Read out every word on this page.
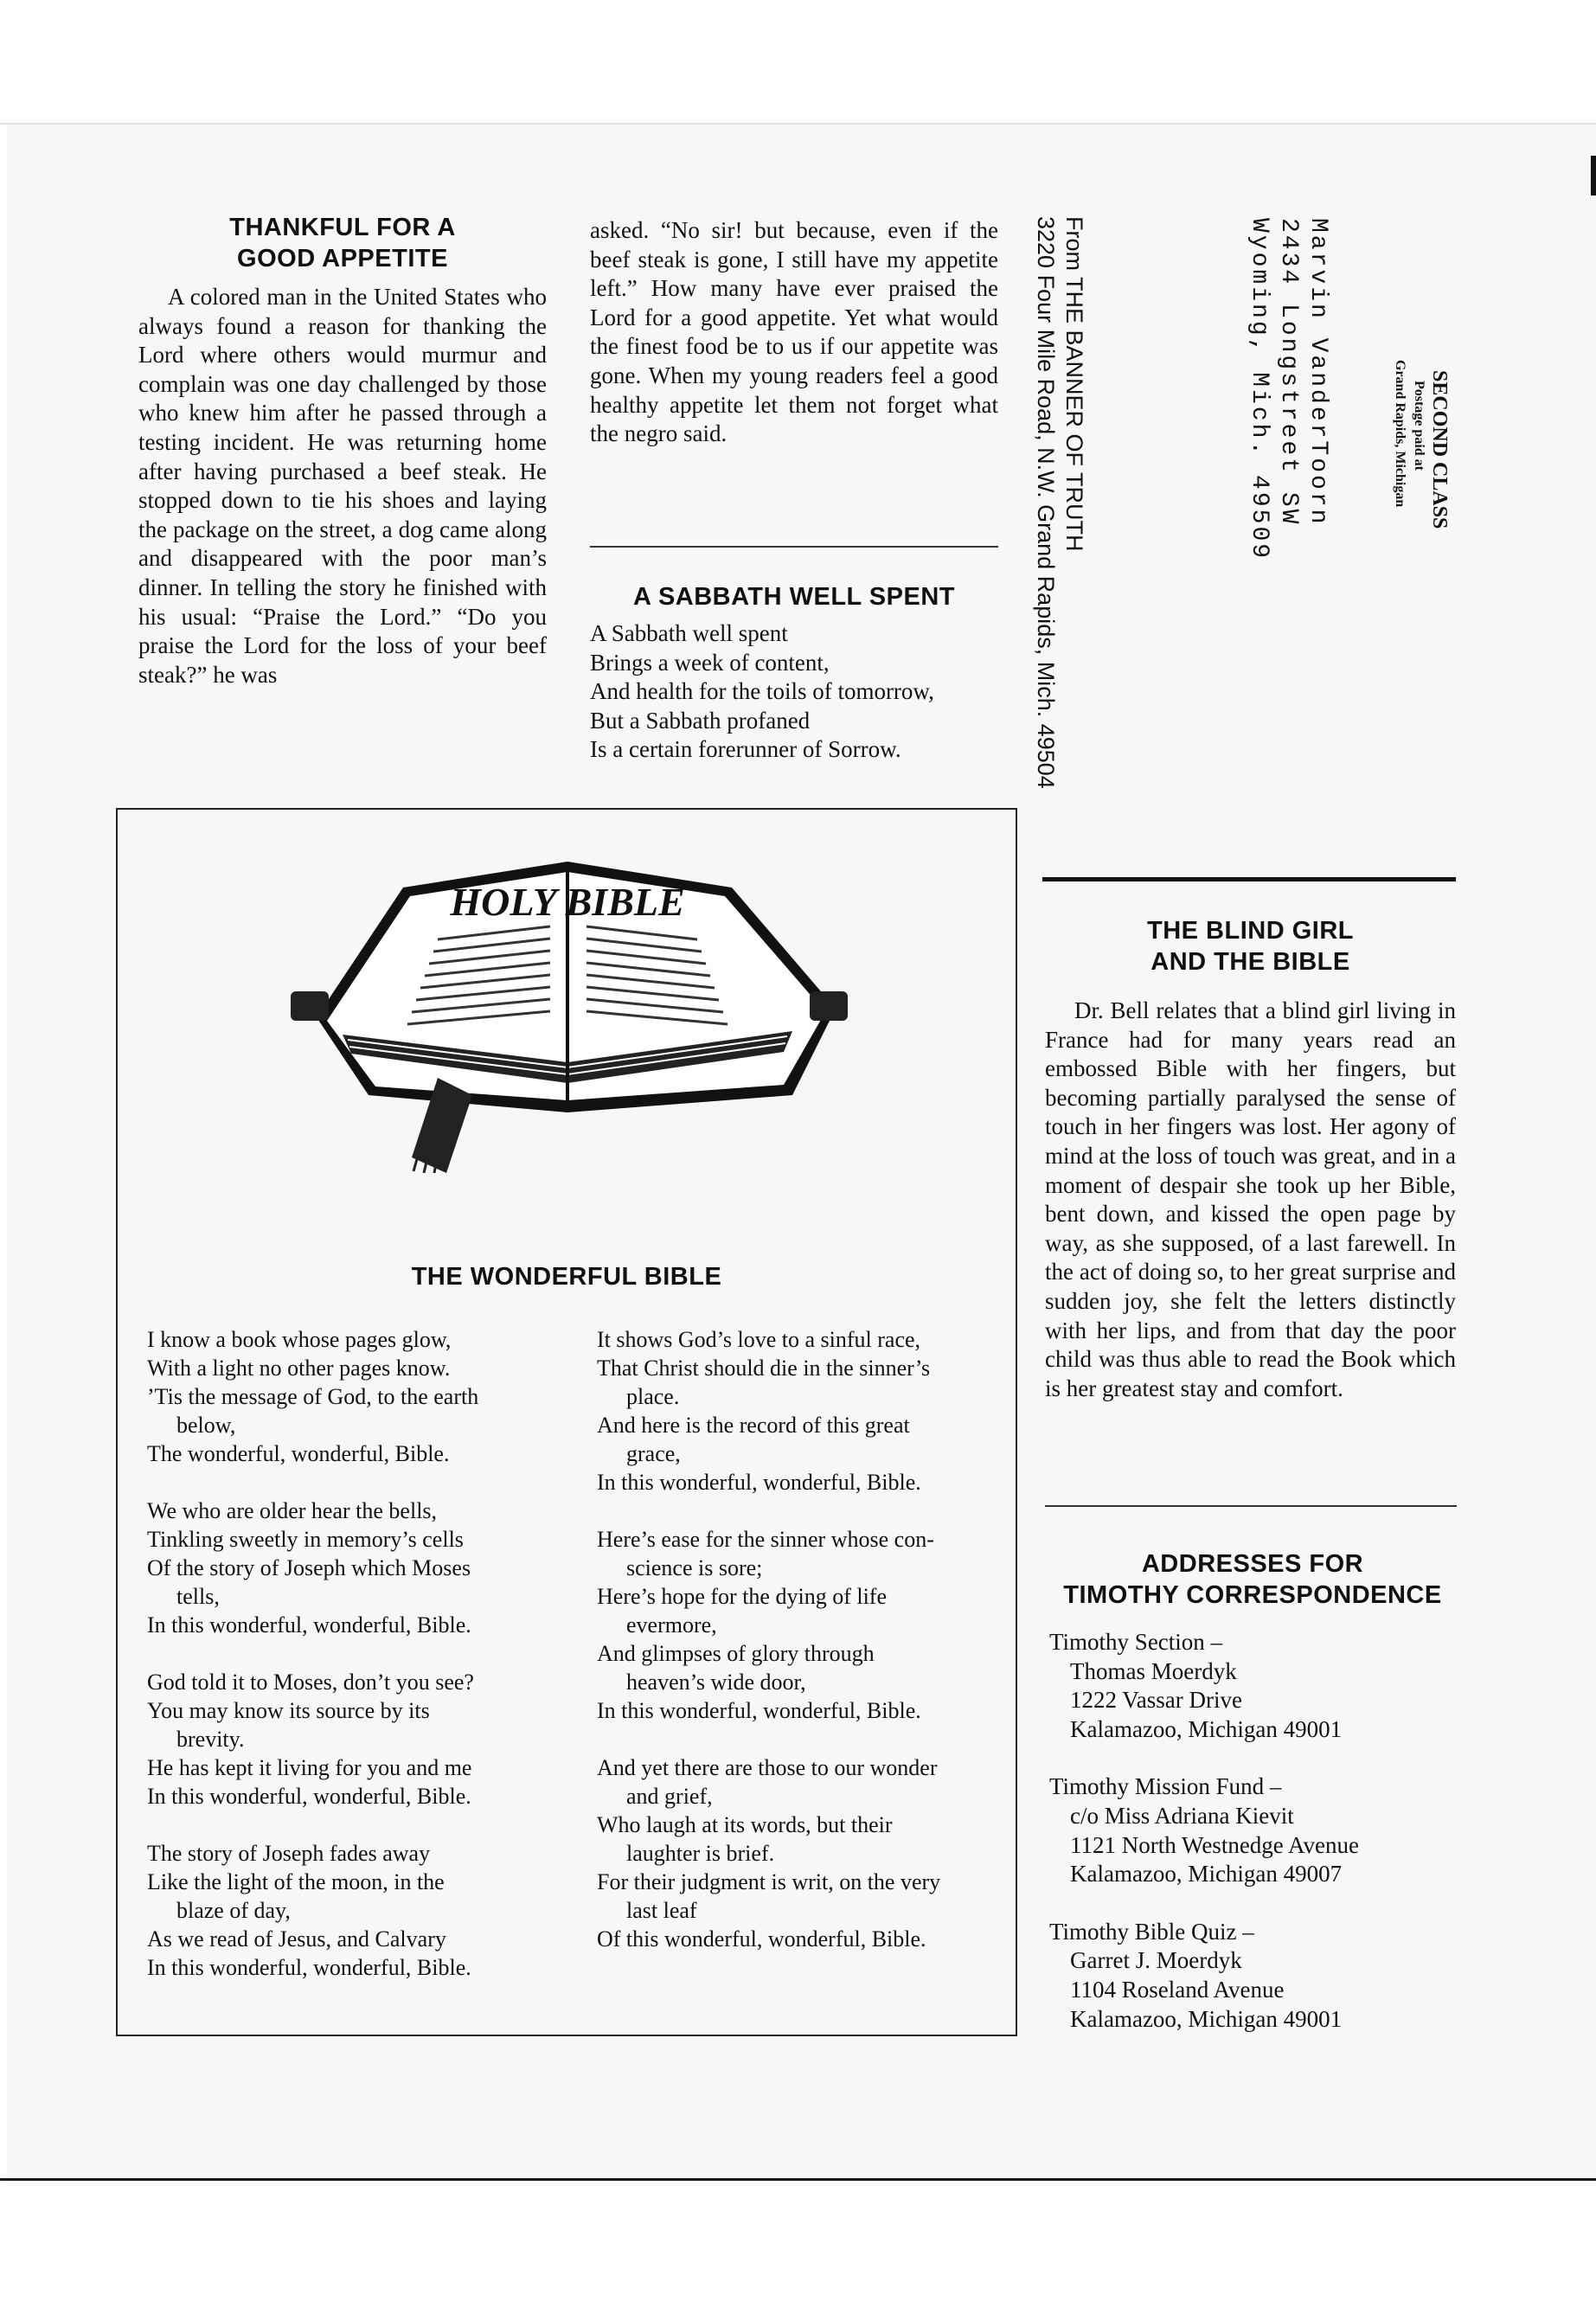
THANKFUL FOR A

GOOD APPETITE

A colored man in the United States who always found a reason for thanking the Lord where others would murmur and complain was one day challenged by those who knew him after he passed through a testing incident. He was returning home after having purchased a beef steak. He stopped down to tie his shoes and laying the package on the street, a dog came along and disappeared with the poor man’s dinner. In telling the story he finished with his usual: “Praise the Lord.” “Do you praise the Lord for the loss of your beef steak?” he was

asked. “No sir! but because, even if the beef steak is gone, I still have my appetite left.” How many have ever praised the Lord for a good appetite. Yet what would the finest food be to us if our appetite was gone. When my young readers feel a good healthy appetite let them not forget what the negro said.

A SABBATH WELL SPENT

A Sabbath well spent

Brings a week of content,

And health for the toils of tomorrow,

But a Sabbath profaned

Is a certain forerunner of Sorrow.

From THE BANNER OF TRUTH
3220 Four Mile Road, N.W. Grand Rapids, Mich. 49504	Marvin VanderToorn
2434 Longstreet SW
Wyoming, Mich. 49509	SECOND CLASS
Postage paid at
Grand Rapids, Michigan

THE BLIND GIRL

AND THE BIBLE

Dr. Bell relates that a blind girl living in France had for many years read an embossed Bible with her fingers, but becoming partially paralysed the sense of touch in her fingers was lost. Her agony of mind at the loss of touch was great, and in a moment of despair she took up her Bible, bent down, and kissed the open page by way, as she supposed, of a last farewell. In the act of doing so, to her great surprise and sudden joy, she felt the letters distinctly with her lips, and from that day the poor child was thus able to read the Book which is her greatest stay and comfort.

ADDRESSES FOR

TIMOTHY CORRESPONDENCE

Timothy Section –
Thomas Moerdyk
1222 Vassar Drive
Kalamazoo, Michigan 49001
Timothy Mission Fund –
c/o Miss Adriana Kievit
1121 North Westnedge Avenue
Kalamazoo, Michigan 49007
Timothy Bible Quiz –
Garret J. Moerdyk
1104 Roseland Avenue
Kalamazoo, Michigan 49001
HOLY BIBLE

THE WONDERFUL BIBLE

I know a book whose pages glow,

With a light no other pages know.

’Tis the message of God, to the earth

below,

The wonderful, wonderful, Bible.

We who are older hear the bells,

Tinkling sweetly in memory’s cells

Of the story of Joseph which Moses

tells,

In this wonderful, wonderful, Bible.

God told it to Moses, don’t you see?

You may know its source by its

brevity.

He has kept it living for you and me

In this wonderful, wonderful, Bible.

The story of Joseph fades away

Like the light of the moon, in the

blaze of day,

As we read of Jesus, and Calvary

In this wonderful, wonderful, Bible.

It shows God’s love to a sinful race,

That Christ should die in the sinner’s

place.

And here is the record of this great

grace,

In this wonderful, wonderful, Bible.

Here’s ease for the sinner whose con-

science is sore;

Here’s hope for the dying of life

evermore,

And glimpses of glory through

heaven’s wide door,

In this wonderful, wonderful, Bible.

And yet there are those to our wonder

and grief,

Who laugh at its words, but their

laughter is brief.

For their judgment is writ, on the very

last leaf

Of this wonderful, wonderful, Bible.
